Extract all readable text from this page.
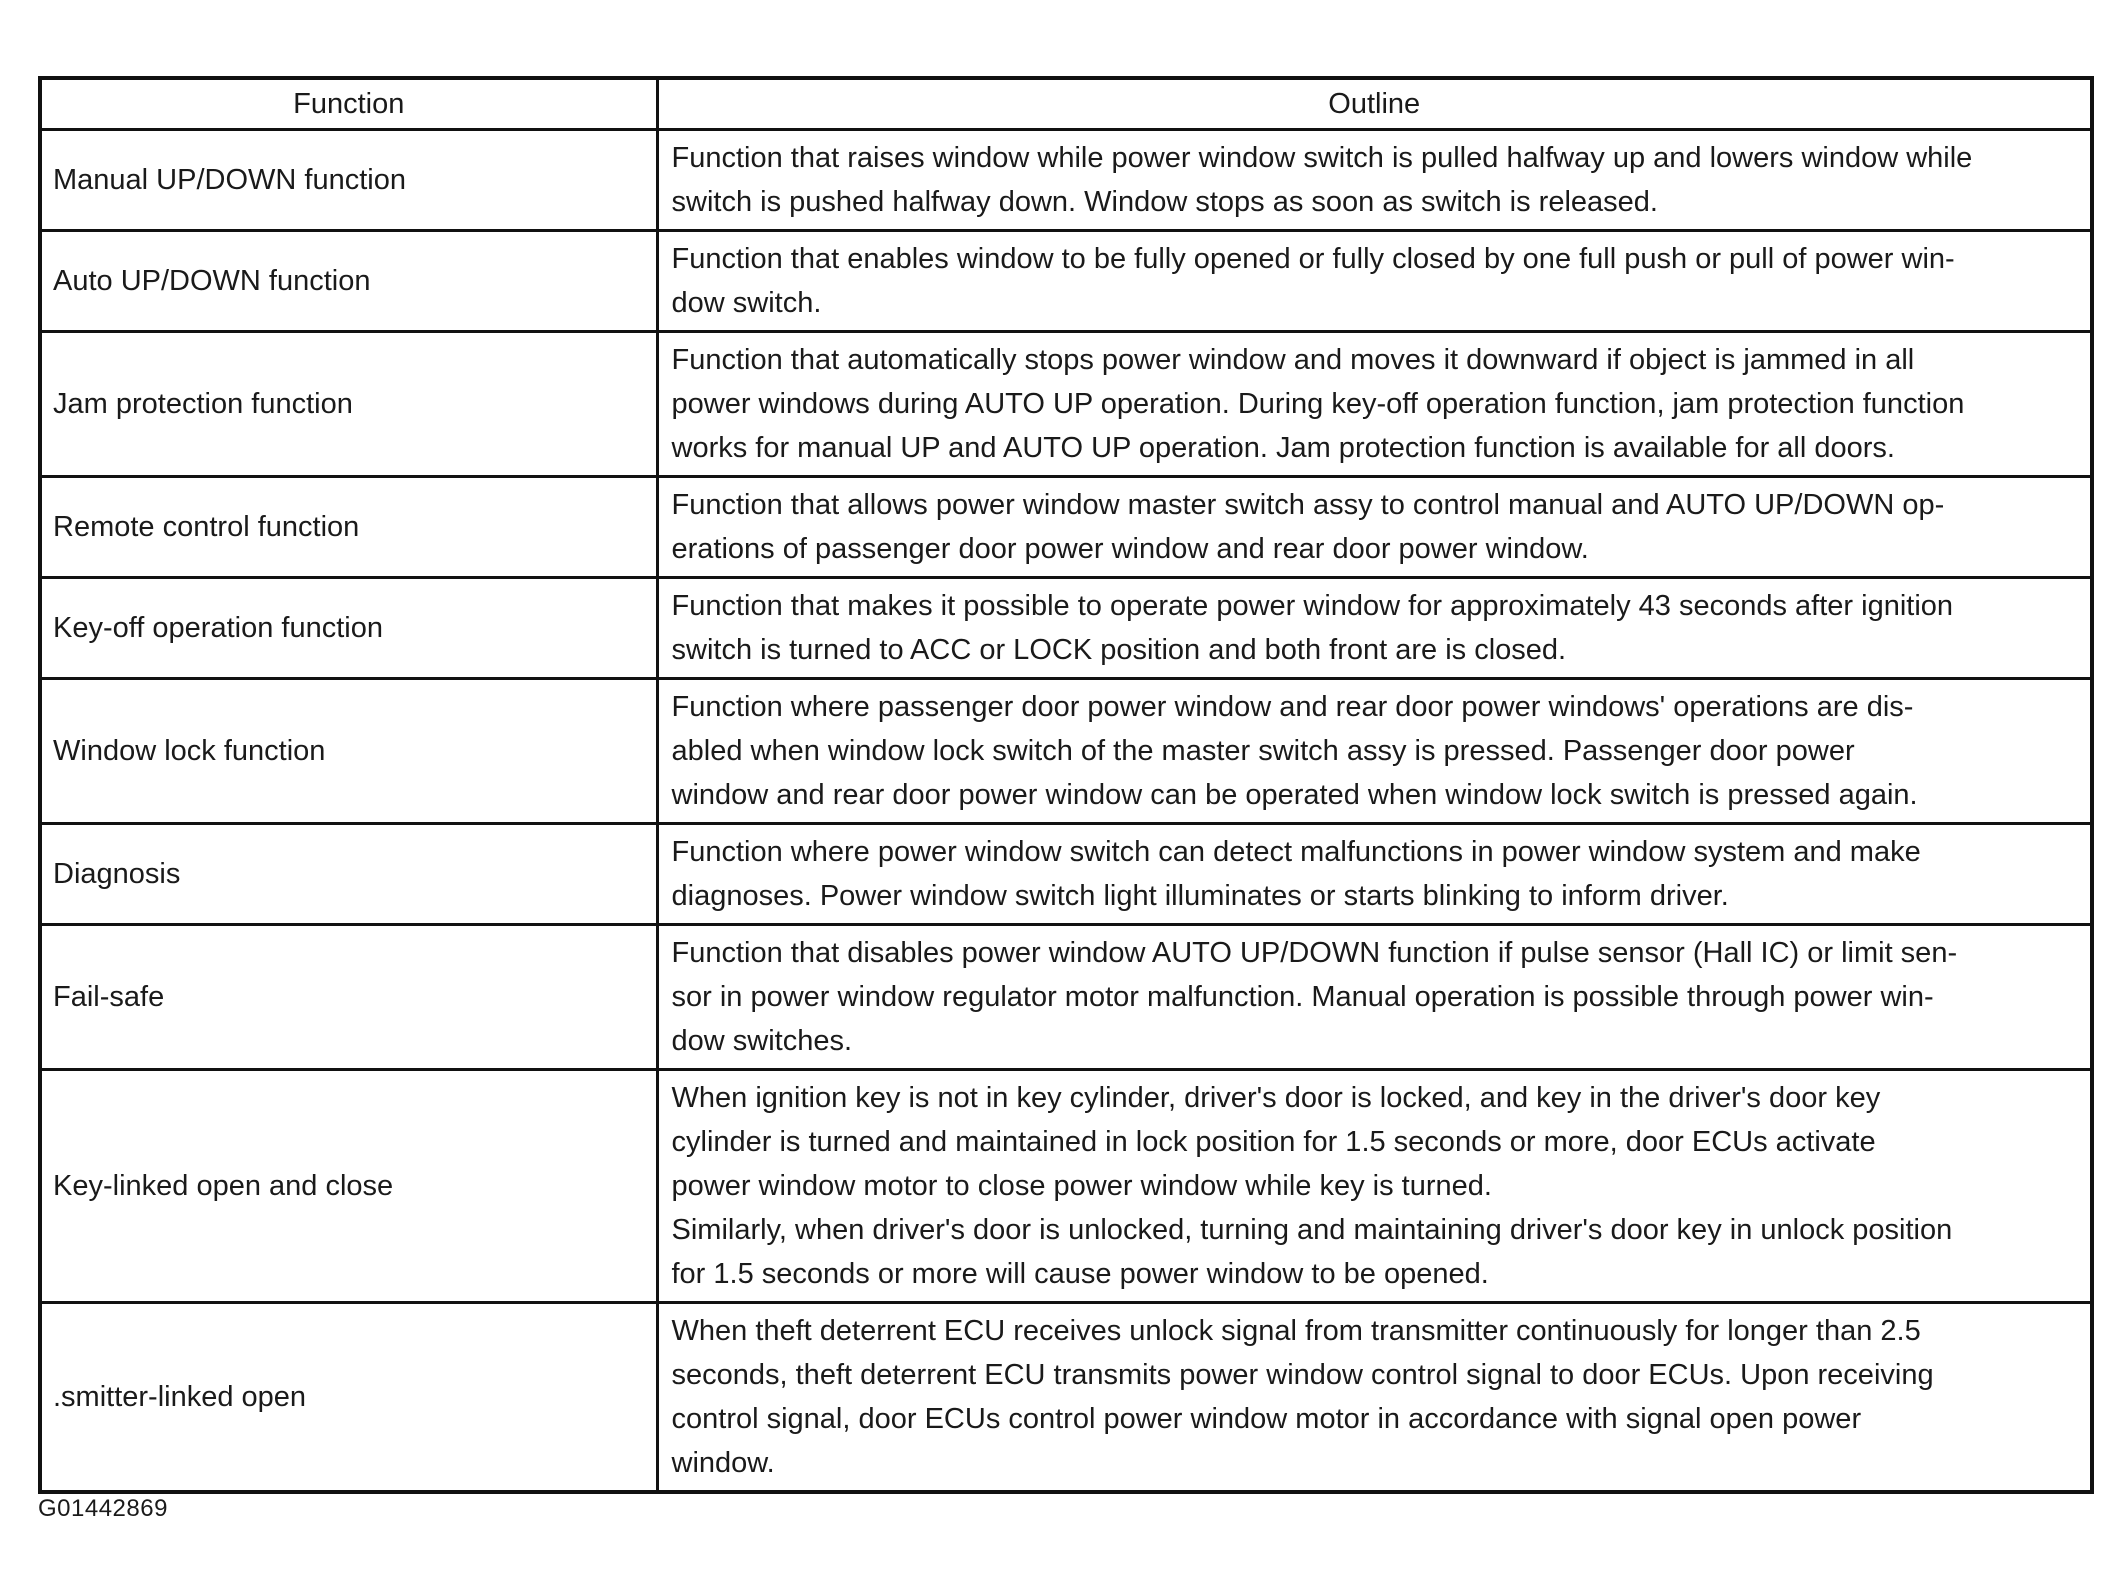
Function	Outline
Manual UP/DOWN function	Function that raises window while power window switch is pulled halfway up and lowers window while
switch is pushed halfway down. Window stops as soon as switch is released.

Auto UP/DOWN function	Function that enables window to be fully opened or fully closed by one full push or pull of power win-
dow switch.

Jam protection function	Function that automatically stops power window and moves it downward if object is jammed in all
power windows during AUTO UP operation. During key-off operation function, jam protection function
works for manual UP and AUTO UP operation. Jam protection function is available for all doors.

Remote control function	Function that allows power window master switch assy to control manual and AUTO UP/DOWN op-
erations of passenger door power window and rear door power window.

Key-off operation function	Function that makes it possible to operate power window for approximately 43 seconds after ignition
switch is turned to ACC or LOCK position and both front are is closed.

Window lock function	Function where passenger door power window and rear door power windows' operations are dis-
abled when window lock switch of the master switch assy is pressed. Passenger door power
window and rear door power window can be operated when window lock switch is pressed again.

Diagnosis	Function where power window switch can detect malfunctions in power window system and make
diagnoses. Power window switch light illuminates or starts blinking to inform driver.

Fail-safe	Function that disables power window AUTO UP/DOWN function if pulse sensor (Hall IC) or limit sen-
sor in power window regulator motor malfunction. Manual operation is possible through power win-
dow switches.

Key-linked open and close	When ignition key is not in key cylinder, driver's door is locked, and key in the driver's door key
cylinder is turned and maintained in lock position for 1.5 seconds or more, door ECUs activate
power window motor to close power window while key is turned.
Similarly, when driver's door is unlocked, turning and maintaining driver's door key in unlock position
for 1.5 seconds or more will cause power window to be opened.

.smitter-linked open	When theft deterrent ECU receives unlock signal from transmitter continuously for longer than 2.5
seconds, theft deterrent ECU transmits power window control signal to door ECUs. Upon receiving
control signal, door ECUs control power window motor in accordance with signal open power
window.
G01442869
